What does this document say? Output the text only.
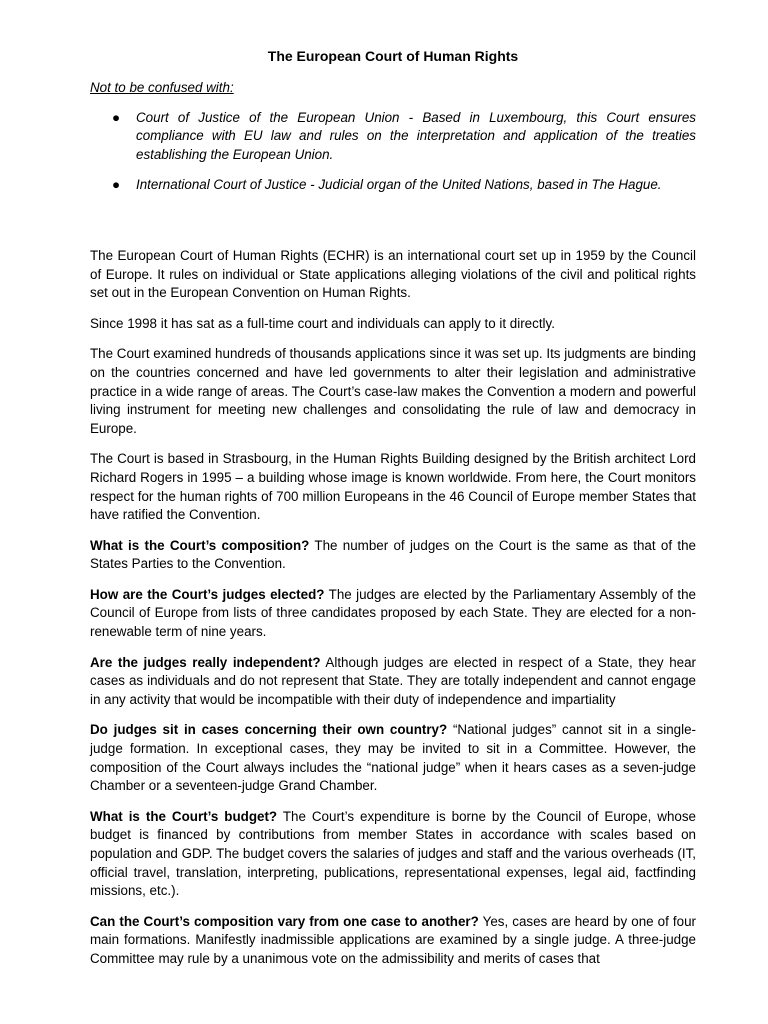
The European Court of Human Rights
Not to be confused with:
● Court of Justice of the European Union - Based in Luxembourg, this Court ensures compliance with EU law and rules on the interpretation and application of the treaties establishing the European Union.
● International Court of Justice - Judicial organ of the United Nations, based in The Hague.

The European Court of Human Rights (ECHR) is an international court set up in 1959 by the Council of Europe. It rules on individual or State applications alleging violations of the civil and political rights set out in the European Convention on Human Rights.

Since 1998 it has sat as a full-time court and individuals can apply to it directly.

The Court examined hundreds of thousands applications since it was set up. Its judgments are binding on the countries concerned and have led governments to alter their legislation and administrative practice in a wide range of areas. The Court’s case-law makes the Convention a modern and powerful living instrument for meeting new challenges and consolidating the rule of law and democracy in Europe.

The Court is based in Strasbourg, in the Human Rights Building designed by the British architect Lord Richard Rogers in 1995 – a building whose image is known worldwide. From here, the Court monitors respect for the human rights of 700 million Europeans in the 46 Council of Europe member States that have ratified the Convention.

What is the Court’s composition? The number of judges on the Court is the same as that of the States Parties to the Convention.

How are the Court’s judges elected? The judges are elected by the Parliamentary Assembly of the Council of Europe from lists of three candidates proposed by each State. They are elected for a non-renewable term of nine years.

Are the judges really independent? Although judges are elected in respect of a State, they hear cases as individuals and do not represent that State. They are totally independent and cannot engage in any activity that would be incompatible with their duty of independence and impartiality

Do judges sit in cases concerning their own country? “National judges” cannot sit in a single-judge formation. In exceptional cases, they may be invited to sit in a Committee. However, the composition of the Court always includes the “national judge” when it hears cases as a seven-judge Chamber or a seventeen-judge Grand Chamber.

What is the Court’s budget? The Court’s expenditure is borne by the Council of Europe, whose budget is financed by contributions from member States in accordance with scales based on population and GDP. The budget covers the salaries of judges and staff and the various overheads (IT, official travel, translation, interpreting, publications, representational expenses, legal aid, factfinding missions, etc.).

Can the Court’s composition vary from one case to another? Yes, cases are heard by one of four main formations. Manifestly inadmissible applications are examined by a single judge. A three-judge Committee may rule by a unanimous vote on the admissibility and merits of cases that
